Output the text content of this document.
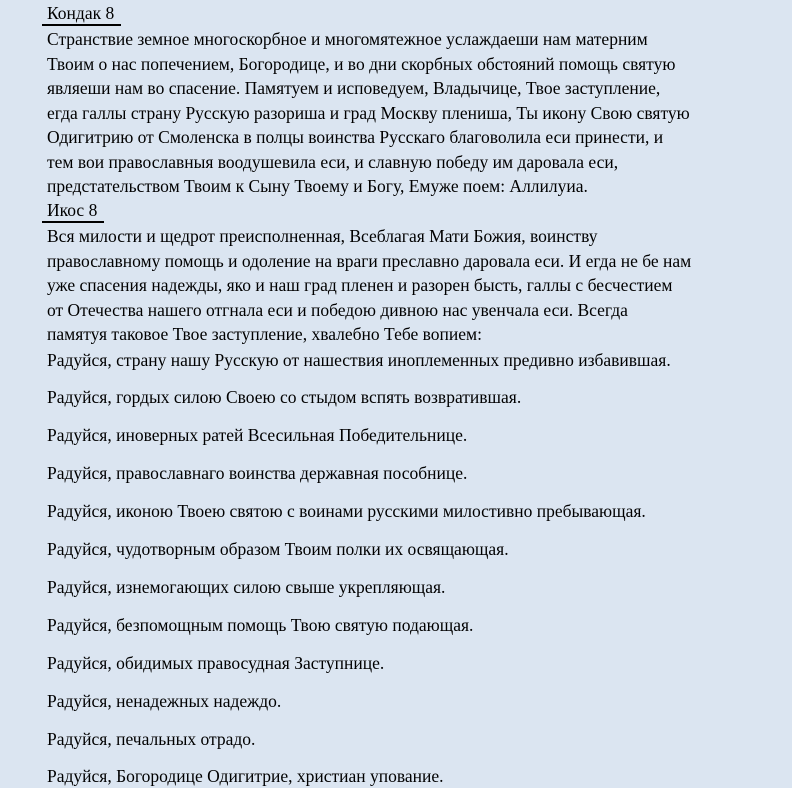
Кондак 8
Странствие земное многоскорбное и многомятежное услаждаеши нам матерним
Твоим о нас попечением, Богородице, и во дни скорбных обстояний помощь святую
являеши нам во спасение. Памятуем и исповедуем, Владычице, Твое заступление,
егда галлы страну Русскую разориша и град Москву плениша, Ты икону Свою святую
Одигитрию от Смоленска в полцы воинства Русскаго благоволила еси принести, и
тем вои православныя воодушевила еси, и славную победу им даровала еси,
предстательством Твоим к Сыну Твоему и Богу, Емуже поем: Аллилуиа.
Икос 8
Вся милости и щедрот преисполненная, Всеблагая Мати Божия, воинству
православному помощь и одоление на враги преславно даровала еси. И егда не бе нам
уже спасения надежды, яко и наш град пленен и разорен бысть, галлы с бесчестием
от Отечества нашего отгнала еси и победою дивною нас увенчала еси. Всегда
памятуя таковое Твое заступление, хвалебно Тебе вопием:
Радуйся, страну нашу Русскую от нашествия иноплеменных предивно избавившая.
Радуйся, гордых силою Своею со стыдом вспять возвратившая.
Радуйся, иноверных ратей Всесильная Победительнице.
Радуйся, православнаго воинства державная пособнице.
Радуйся, иконою Твоею святою с воинами русскими милостивно пребывающая.
Радуйся, чудотворным образом Твоим полки их освящающая.
Радуйся, изнемогающих силою свыше укрепляющая.
Радуйся, безпомощным помощь Твою святую подающая.
Радуйся, обидимых правосудная Заступнице.
Радуйся, ненадежных надеждо.
Радуйся, печальных отрадо.
Радуйся, Богородице Одигитрие, христиан упование.
